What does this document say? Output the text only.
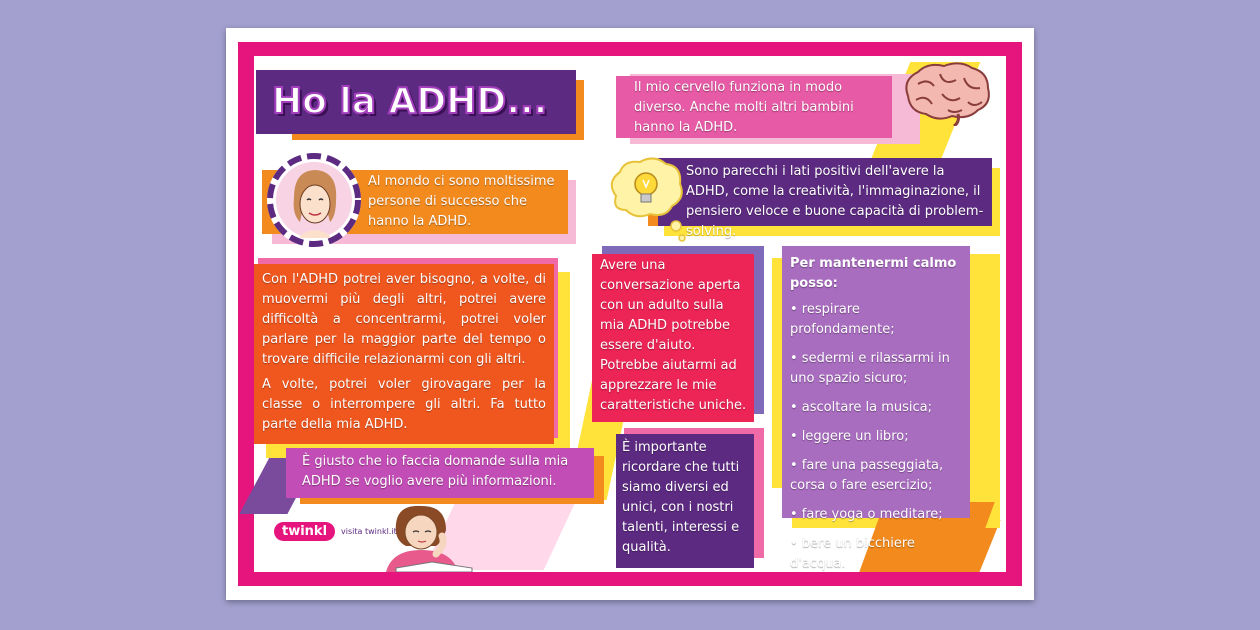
Ho la ADHD...

Al mondo ci sono moltissime persone di successo che hanno la ADHD.

Il mio cervello funziona in modo diverso. Anche molti altri bambini hanno la ADHD.

Sono parecchi i lati positivi dell'avere la ADHD, come la creatività, l'immaginazione, il pensiero veloce e buone capacità di problem-solving.

Con l'ADHD potrei aver bisogno, a volte, di muovermi più degli altri, potrei avere difficoltà a concentrarmi, potrei voler parlare per la maggior parte del tempo o trovare difficile relazionarmi con gli altri.

A volte, potrei voler girovagare per la classe o interrompere gli altri. Fa tutto parte della mia ADHD.

È giusto che io faccia domande sulla mia ADHD se voglio avere più informazioni.

Avere una conversazione aperta con un adulto sulla mia ADHD potrebbe essere d'aiuto.

Potrebbe aiutarmi ad apprezzare le mie caratteristiche uniche.

È importante ricordare che tutti siamo diversi ed unici, con i nostri talenti, interessi e qualità.

Per mantenermi calmo posso:

• respirare profondamente;
• sedermi e rilassarmi in uno spazio sicuro;
• ascoltare la musica;
• leggere un libro;
• fare una passeggiata, corsa o fare esercizio;
• fare yoga o meditare;
• bere un bicchiere d'acqua.
twinkl	visita twinkl.it
